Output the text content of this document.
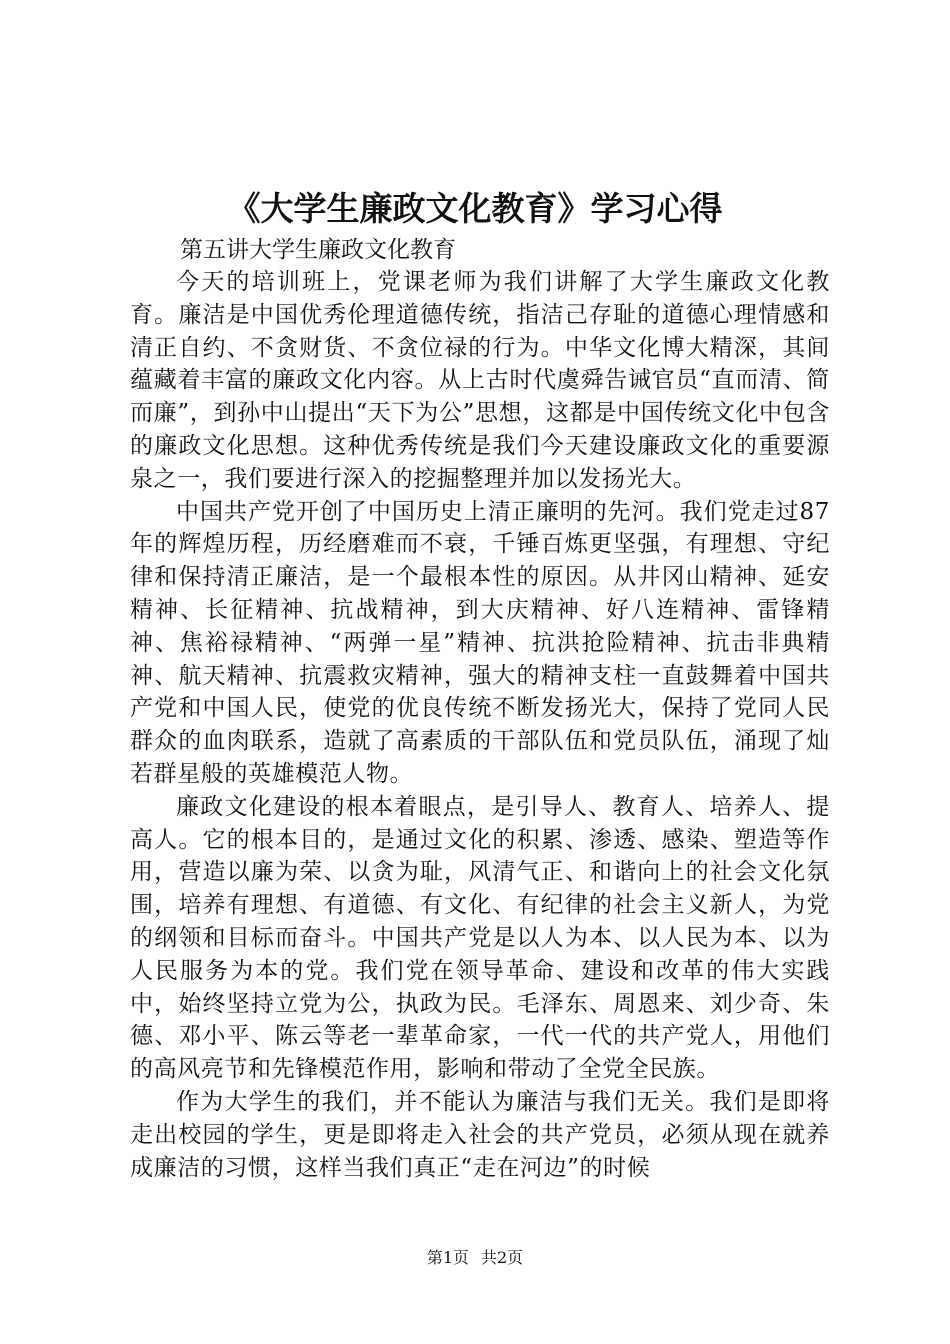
《大学生廉政文化教育》学习心得
第五讲大学生廉政文化教育

今天的培训班上，党课老师为我们讲解了大学生廉政文化教育。廉洁是中国优秀伦理道德传统，指洁己存耻的道德心理情感和清正自约、不贪财货、不贪位禄的行为。中华文化博大精深，其间蕴藏着丰富的廉政文化内容。从上古时代虞舜告诫官员“直而清、简而廉”，到孙中山提出“天下为公”思想，这都是中国传统文化中包含的廉政文化思想。这种优秀传统是我们今天建设廉政文化的重要源泉之一，我们要进行深入的挖掘整理并加以发扬光大。

中国共产党开创了中国历史上清正廉明的先河。我们党走过87年的辉煌历程，历经磨难而不衰，千锤百炼更坚强，有理想、守纪律和保持清正廉洁，是一个最根本性的原因。从井冈山精神、延安精神、长征精神、抗战精神，到大庆精神、好八连精神、雷锋精神、焦裕禄精神、“两弹一星”精神、抗洪抢险精神、抗击非典精神、航天精神、抗震救灾精神，强大的精神支柱一直鼓舞着中国共产党和中国人民，使党的优良传统不断发扬光大，保持了党同人民群众的血肉联系，造就了高素质的干部队伍和党员队伍，涌现了灿若群星般的英雄模范人物。

廉政文化建设的根本着眼点，是引导人、教育人、培养人、提高人。它的根本目的，是通过文化的积累、渗透、感染、塑造等作用，营造以廉为荣、以贪为耻，风清气正、和谐向上的社会文化氛围，培养有理想、有道德、有文化、有纪律的社会主义新人，为党的纲领和目标而奋斗。中国共产党是以人为本、以人民为本、以为人民服务为本的党。我们党在领导革命、建设和改革的伟大实践中，始终坚持立党为公，执政为民。毛泽东、周恩来、刘少奇、朱德、邓小平、陈云等老一辈革命家，一代一代的共产党人，用他们的高风亮节和先锋模范作用，影响和带动了全党全民族。

作为大学生的我们，并不能认为廉洁与我们无关。我们是即将走出校园的学生，更是即将走入社会的共产党员，必须从现在就养成廉洁的习惯，这样当我们真正“走在河边”的时候

第1页 共2页
